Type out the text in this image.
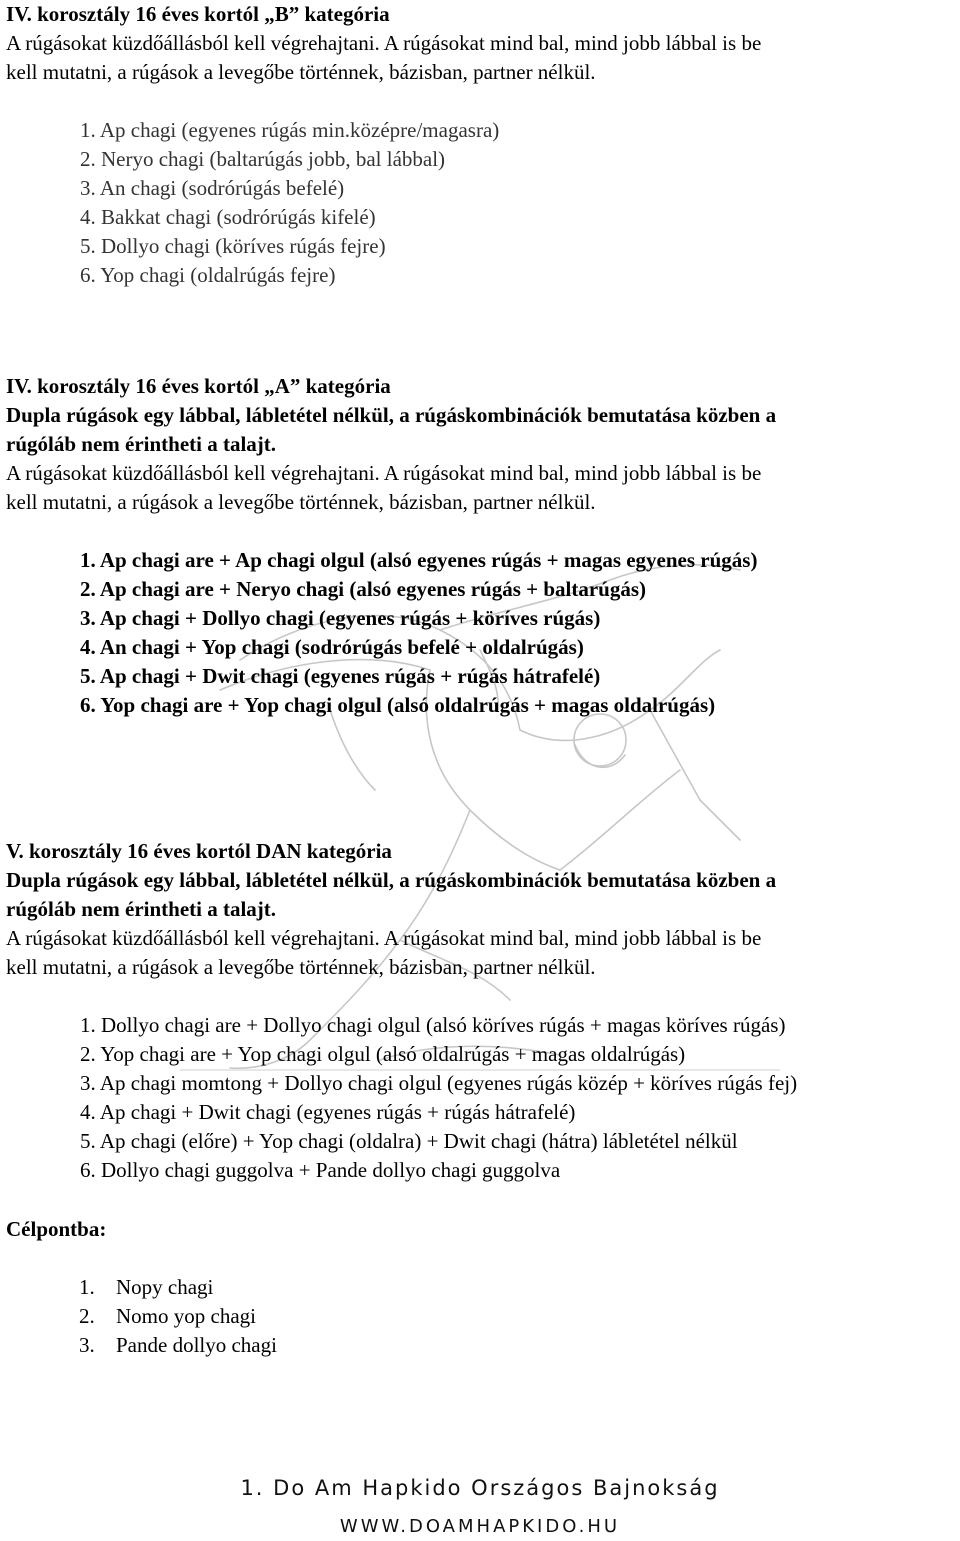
IV. korosztály 16 éves kortól „B” kategória

A rúgásokat küzdőállásból kell végrehajtani. A rúgásokat mind bal, mind jobb lábbal is be

kell mutatni, a rúgások a levegőbe történnek, bázisban, partner nélkül.

1. Ap chagi (egyenes rúgás min.középre/magasra)
2. Neryo chagi (baltarúgás jobb, bal lábbal)
3. An chagi (sodrórúgás befelé)
4. Bakkat chagi (sodrórúgás kifelé)
5. Dollyo chagi (köríves rúgás fejre)
6. Yop chagi (oldalrúgás fejre)

IV. korosztály 16 éves kortól „A” kategória

Dupla rúgások egy lábbal, lábletétel nélkül, a rúgáskombinációk bemutatása közben a

rúgóláb nem érintheti a talajt.

A rúgásokat küzdőállásból kell végrehajtani. A rúgásokat mind bal, mind jobb lábbal is be

kell mutatni, a rúgások a levegőbe történnek, bázisban, partner nélkül.

1. Ap chagi are + Ap chagi olgul (alsó egyenes rúgás + magas egyenes rúgás)
2. Ap chagi are + Neryo chagi (alsó egyenes rúgás + baltarúgás)
3. Ap chagi + Dollyo chagi (egyenes rúgás + köríves rúgás)
4. An chagi + Yop chagi (sodrórúgás befelé + oldalrúgás)
5. Ap chagi + Dwit chagi (egyenes rúgás + rúgás hátrafelé)
6. Yop chagi are + Yop chagi olgul (alsó oldalrúgás + magas oldalrúgás)

V. korosztály 16 éves kortól DAN kategória

Dupla rúgások egy lábbal, lábletétel nélkül, a rúgáskombinációk bemutatása közben a

rúgóláb nem érintheti a talajt.

A rúgásokat küzdőállásból kell végrehajtani. A rúgásokat mind bal, mind jobb lábbal is be

kell mutatni, a rúgások a levegőbe történnek, bázisban, partner nélkül.

1. Dollyo chagi are + Dollyo chagi olgul (alsó köríves rúgás + magas köríves rúgás)
2. Yop chagi are + Yop chagi olgul (alsó oldalrúgás + magas oldalrúgás)
3. Ap chagi momtong + Dollyo chagi olgul (egyenes rúgás közép + köríves rúgás fej)
4. Ap chagi + Dwit chagi (egyenes rúgás + rúgás hátrafelé)
5. Ap chagi (előre) + Yop chagi (oldalra) + Dwit chagi (hátra) lábletétel nélkül
6. Dollyo chagi guggolva + Pande dollyo chagi guggolva

Célpontba:

1. Nopy chagi
2. Nomo yop chagi
3. Pande dollyo chagi
1. Do Am Hapkido Országos Bajnokság
WWW.DOAMHAPKIDO.HU
